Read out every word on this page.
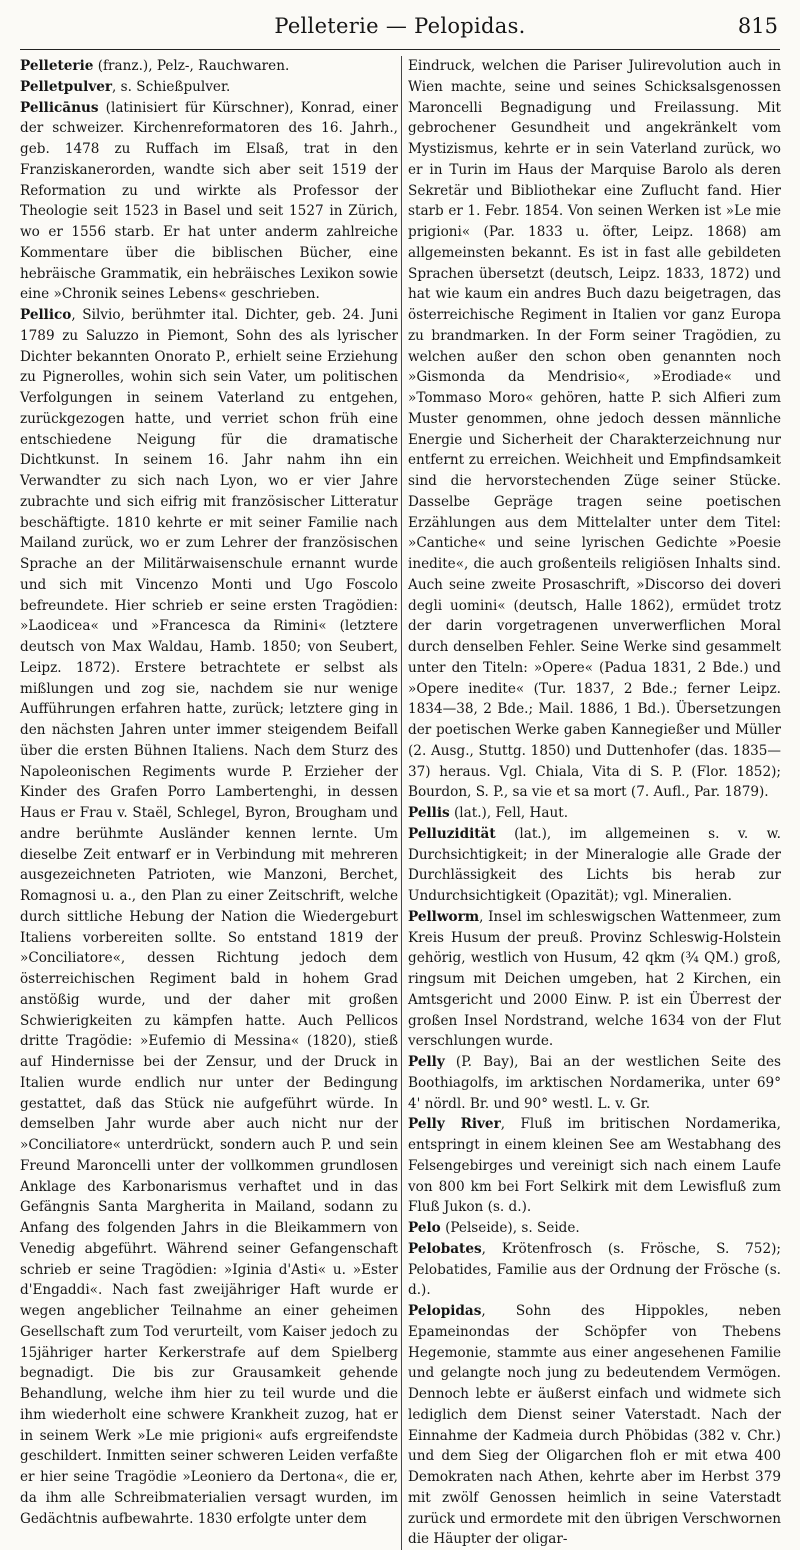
Pelleterie — Pelopidas.	815

Pelleterie (franz.), Pelz-, Rauchwaren.

Pelletpulver, s. Schießpulver.

Pellicānus (latinisiert für Kürschner), Konrad, einer der schweizer. Kirchenreformatoren des 16. Jahrh., geb. 1478 zu Ruffach im Elsaß, trat in den Franziskanerorden, wandte sich aber seit 1519 der Reformation zu und wirkte als Professor der Theologie seit 1523 in Basel und seit 1527 in Zürich, wo er 1556 starb. Er hat unter anderm zahlreiche Kommentare über die biblischen Bücher, eine hebräische Grammatik, ein hebräisches Lexikon sowie eine »Chronik seines Lebens« geschrieben.

Pellico, Silvio, berühmter ital. Dichter, geb. 24. Juni 1789 zu Saluzzo in Piemont, Sohn des als lyrischer Dichter bekannten Onorato P., erhielt seine Erziehung zu Pignerolles, wohin sich sein Vater, um politischen Verfolgungen in seinem Vaterland zu entgehen, zurückgezogen hatte, und verriet schon früh eine entschiedene Neigung für die dramatische Dichtkunst. In seinem 16. Jahr nahm ihn ein Verwandter zu sich nach Lyon, wo er vier Jahre zubrachte und sich eifrig mit französischer Litteratur beschäftigte. 1810 kehrte er mit seiner Familie nach Mailand zurück, wo er zum Lehrer der französischen Sprache an der Militärwaisenschule ernannt wurde und sich mit Vincenzo Monti und Ugo Foscolo befreundete. Hier schrieb er seine ersten Tragödien: »Laodicea« und »Francesca da Rimini« (letztere deutsch von Max Waldau, Hamb. 1850; von Seubert, Leipz. 1872). Erstere betrachtete er selbst als mißlungen und zog sie, nachdem sie nur wenige Aufführungen erfahren hatte, zurück; letztere ging in den nächsten Jahren unter immer steigendem Beifall über die ersten Bühnen Italiens. Nach dem Sturz des Napoleonischen Regiments wurde P. Erzieher der Kinder des Grafen Porro Lambertenghi, in dessen Haus er Frau v. Staël, Schlegel, Byron, Brougham und andre berühmte Ausländer kennen lernte. Um dieselbe Zeit entwarf er in Verbindung mit mehreren ausgezeichneten Patrioten, wie Manzoni, Berchet, Romagnosi u. a., den Plan zu einer Zeitschrift, welche durch sittliche Hebung der Nation die Wiedergeburt Italiens vorbereiten sollte. So entstand 1819 der »Conciliatore«, dessen Richtung jedoch dem österreichischen Regiment bald in hohem Grad anstößig wurde, und der daher mit großen Schwierigkeiten zu kämpfen hatte. Auch Pellicos dritte Tragödie: »Eufemio di Messina« (1820), stieß auf Hindernisse bei der Zensur, und der Druck in Italien wurde endlich nur unter der Bedingung gestattet, daß das Stück nie aufgeführt würde. In demselben Jahr wurde aber auch nicht nur der »Conciliatore« unterdrückt, sondern auch P. und sein Freund Maroncelli unter der vollkommen grundlosen Anklage des Karbonarismus verhaftet und in das Gefängnis Santa Margherita in Mailand, sodann zu Anfang des folgenden Jahrs in die Bleikammern von Venedig abgeführt. Während seiner Gefangenschaft schrieb er seine Tragödien: »Iginia d'Asti« u. »Ester d'Engaddi«. Nach fast zweijähriger Haft wurde er wegen angeblicher Teilnahme an einer geheimen Gesellschaft zum Tod verurteilt, vom Kaiser jedoch zu 15jähriger harter Kerkerstrafe auf dem Spielberg begnadigt. Die bis zur Grausamkeit gehende Behandlung, welche ihm hier zu teil wurde und die ihm wiederholt eine schwere Krankheit zuzog, hat er in seinem Werk »Le mie prigioni« aufs ergreifendste geschildert. Inmitten seiner schweren Leiden verfaßte er hier seine Tragödie »Leoniero da Dertona«, die er, da ihm alle Schreibmaterialien versagt wurden, im Gedächtnis aufbewahrte. 1830 erfolgte unter dem

Eindruck, welchen die Pariser Julirevolution auch in Wien machte, seine und seines Schicksalsgenossen Maroncelli Begnadigung und Freilassung. Mit gebrochener Gesundheit und angekränkelt vom Mystizismus, kehrte er in sein Vaterland zurück, wo er in Turin im Haus der Marquise Barolo als deren Sekretär und Bibliothekar eine Zuflucht fand. Hier starb er 1. Febr. 1854. Von seinen Werken ist »Le mie prigioni« (Par. 1833 u. öfter, Leipz. 1868) am allgemeinsten bekannt. Es ist in fast alle gebildeten Sprachen übersetzt (deutsch, Leipz. 1833, 1872) und hat wie kaum ein andres Buch dazu beigetragen, das österreichische Regiment in Italien vor ganz Europa zu brandmarken. In der Form seiner Tragödien, zu welchen außer den schon oben genannten noch »Gismonda da Mendrisio«, »Erodiade« und »Tommaso Moro« gehören, hatte P. sich Alfieri zum Muster genommen, ohne jedoch dessen männliche Energie und Sicherheit der Charakterzeichnung nur entfernt zu erreichen. Weichheit und Empfindsamkeit sind die hervorstechenden Züge seiner Stücke. Dasselbe Gepräge tragen seine poetischen Erzählungen aus dem Mittelalter unter dem Titel: »Cantiche« und seine lyrischen Gedichte »Poesie inedite«, die auch großenteils religiösen Inhalts sind. Auch seine zweite Prosaschrift, »Discorso dei doveri degli uomini« (deutsch, Halle 1862), ermüdet trotz der darin vorgetragenen unverwerflichen Moral durch denselben Fehler. Seine Werke sind gesammelt unter den Titeln: »Opere« (Padua 1831, 2 Bde.) und »Opere inedite« (Tur. 1837, 2 Bde.; ferner Leipz. 1834—38, 2 Bde.; Mail. 1886, 1 Bd.). Übersetzungen der poetischen Werke gaben Kannegießer und Müller (2. Ausg., Stuttg. 1850) und Duttenhofer (das. 1835—37) heraus. Vgl. Chiala, Vita di S. P. (Flor. 1852); Bourdon, S. P., sa vie et sa mort (7. Aufl., Par. 1879).

Pellis (lat.), Fell, Haut.

Pelluzidität (lat.), im allgemeinen s. v. w. Durchsichtigkeit; in der Mineralogie alle Grade der Durchlässigkeit des Lichts bis herab zur Undurchsichtigkeit (Opazität); vgl. Mineralien.

Pellworm, Insel im schleswigschen Wattenmeer, zum Kreis Husum der preuß. Provinz Schleswig-Holstein gehörig, westlich von Husum, 42 qkm (¾ QM.) groß, ringsum mit Deichen umgeben, hat 2 Kirchen, ein Amtsgericht und 2000 Einw. P. ist ein Überrest der großen Insel Nordstrand, welche 1634 von der Flut verschlungen wurde.

Pelly (P. Bay), Bai an der westlichen Seite des Boothiagolfs, im arktischen Nordamerika, unter 69° 4' nördl. Br. und 90° westl. L. v. Gr.

Pelly River, Fluß im britischen Nordamerika, entspringt in einem kleinen See am Westabhang des Felsengebirges und vereinigt sich nach einem Laufe von 800 km bei Fort Selkirk mit dem Lewisfluß zum Fluß Jukon (s. d.).

Pelo (Pelseide), s. Seide.

Pelobates, Krötenfrosch (s. Frösche, S. 752); Pelobatides, Familie aus der Ordnung der Frösche (s. d.).

Pelopidas, Sohn des Hippokles, neben Epameinondas der Schöpfer von Thebens Hegemonie, stammte aus einer angesehenen Familie und gelangte noch jung zu bedeutendem Vermögen. Dennoch lebte er äußerst einfach und widmete sich lediglich dem Dienst seiner Vaterstadt. Nach der Einnahme der Kadmeia durch Phöbidas (382 v. Chr.) und dem Sieg der Oligarchen floh er mit etwa 400 Demokraten nach Athen, kehrte aber im Herbst 379 mit zwölf Genossen heimlich in seine Vaterstadt zurück und ermordete mit den übrigen Verschwornen die Häupter der oligar-
